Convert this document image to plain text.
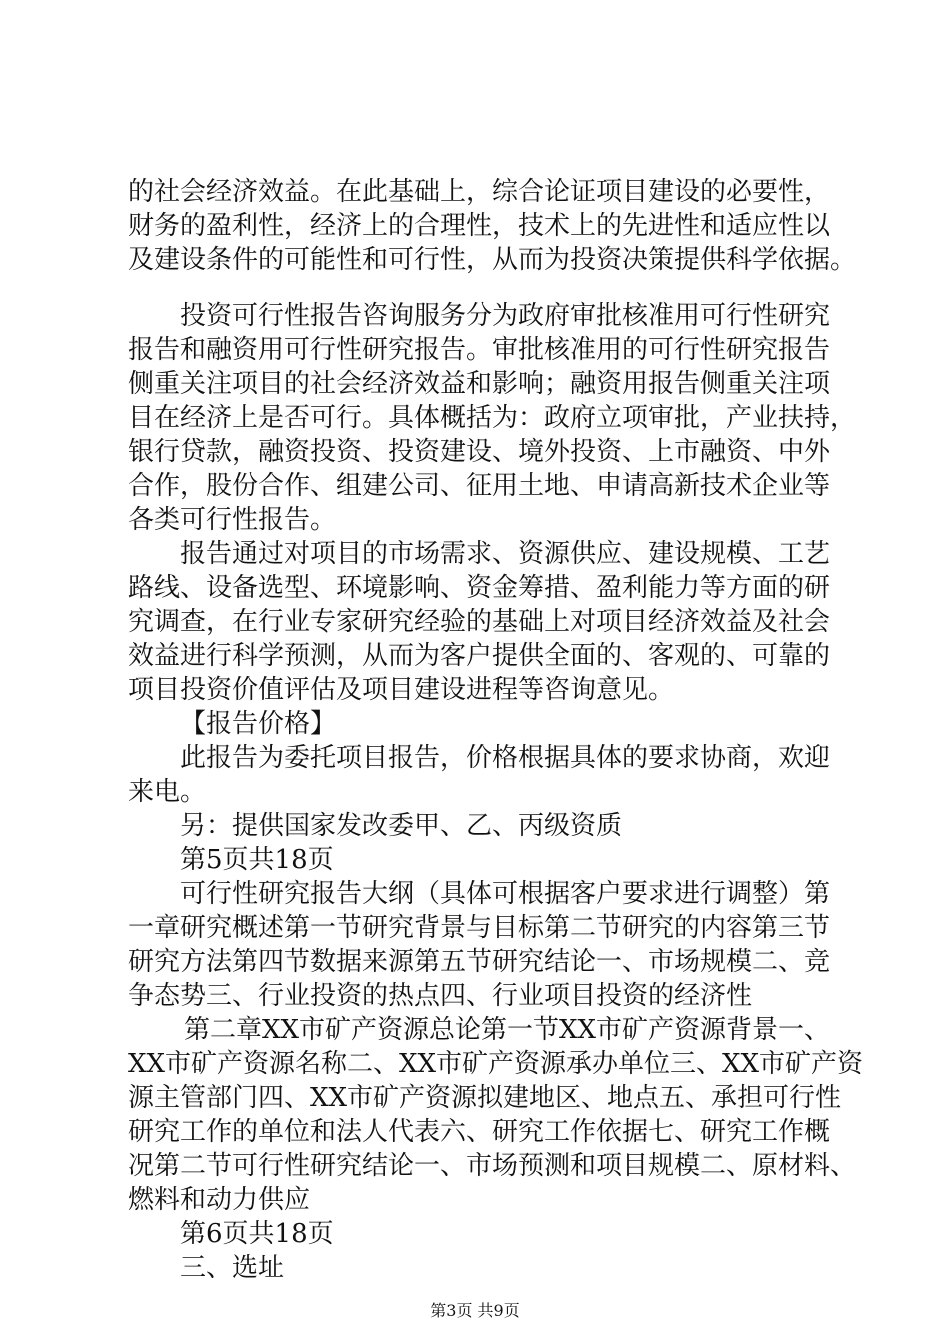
的社会经济效益。在此基础上，综合论证项目建设的必要性，
财务的盈利性，经济上的合理性，技术上的先进性和适应性以
及建设条件的可能性和可行性，从而为投资决策提供科学依据。
投资可行性报告咨询服务分为政府审批核准用可行性研究
报告和融资用可行性研究报告。审批核准用的可行性研究报告
侧重关注项目的社会经济效益和影响；融资用报告侧重关注项
目在经济上是否可行。具体概括为：政府立项审批，产业扶持，
银行贷款，融资投资、投资建设、境外投资、上市融资、中外
合作，股份合作、组建公司、征用土地、申请高新技术企业等
各类可行性报告。
报告通过对项目的市场需求、资源供应、建设规模、工艺
路线、设备选型、环境影响、资金筹措、盈利能力等方面的研
究调查，在行业专家研究经验的基础上对项目经济效益及社会
效益进行科学预测，从而为客户提供全面的、客观的、可靠的
项目投资价值评估及项目建设进程等咨询意见。
【报告价格】
此报告为委托项目报告，价格根据具体的要求协商，欢迎
来电。
另：提供国家发改委甲、乙、丙级资质
第5页共18页
可行性研究报告大纲（具体可根据客户要求进行调整）第
一章研究概述第一节研究背景与目标第二节研究的内容第三节
研究方法第四节数据来源第五节研究结论一、市场规模二、竞
争态势三、行业投资的热点四、行业项目投资的经济性
第二章XX市矿产资源总论第一节XX市矿产资源背景一、
XX市矿产资源名称二、XX市矿产资源承办单位三、XX市矿产资
源主管部门四、XX市矿产资源拟建地区、地点五、承担可行性
研究工作的单位和法人代表六、研究工作依据七、研究工作概
况第二节可行性研究结论一、市场预测和项目规模二、原材料、
燃料和动力供应
第6页共18页
三、选址
第3页 共9页
